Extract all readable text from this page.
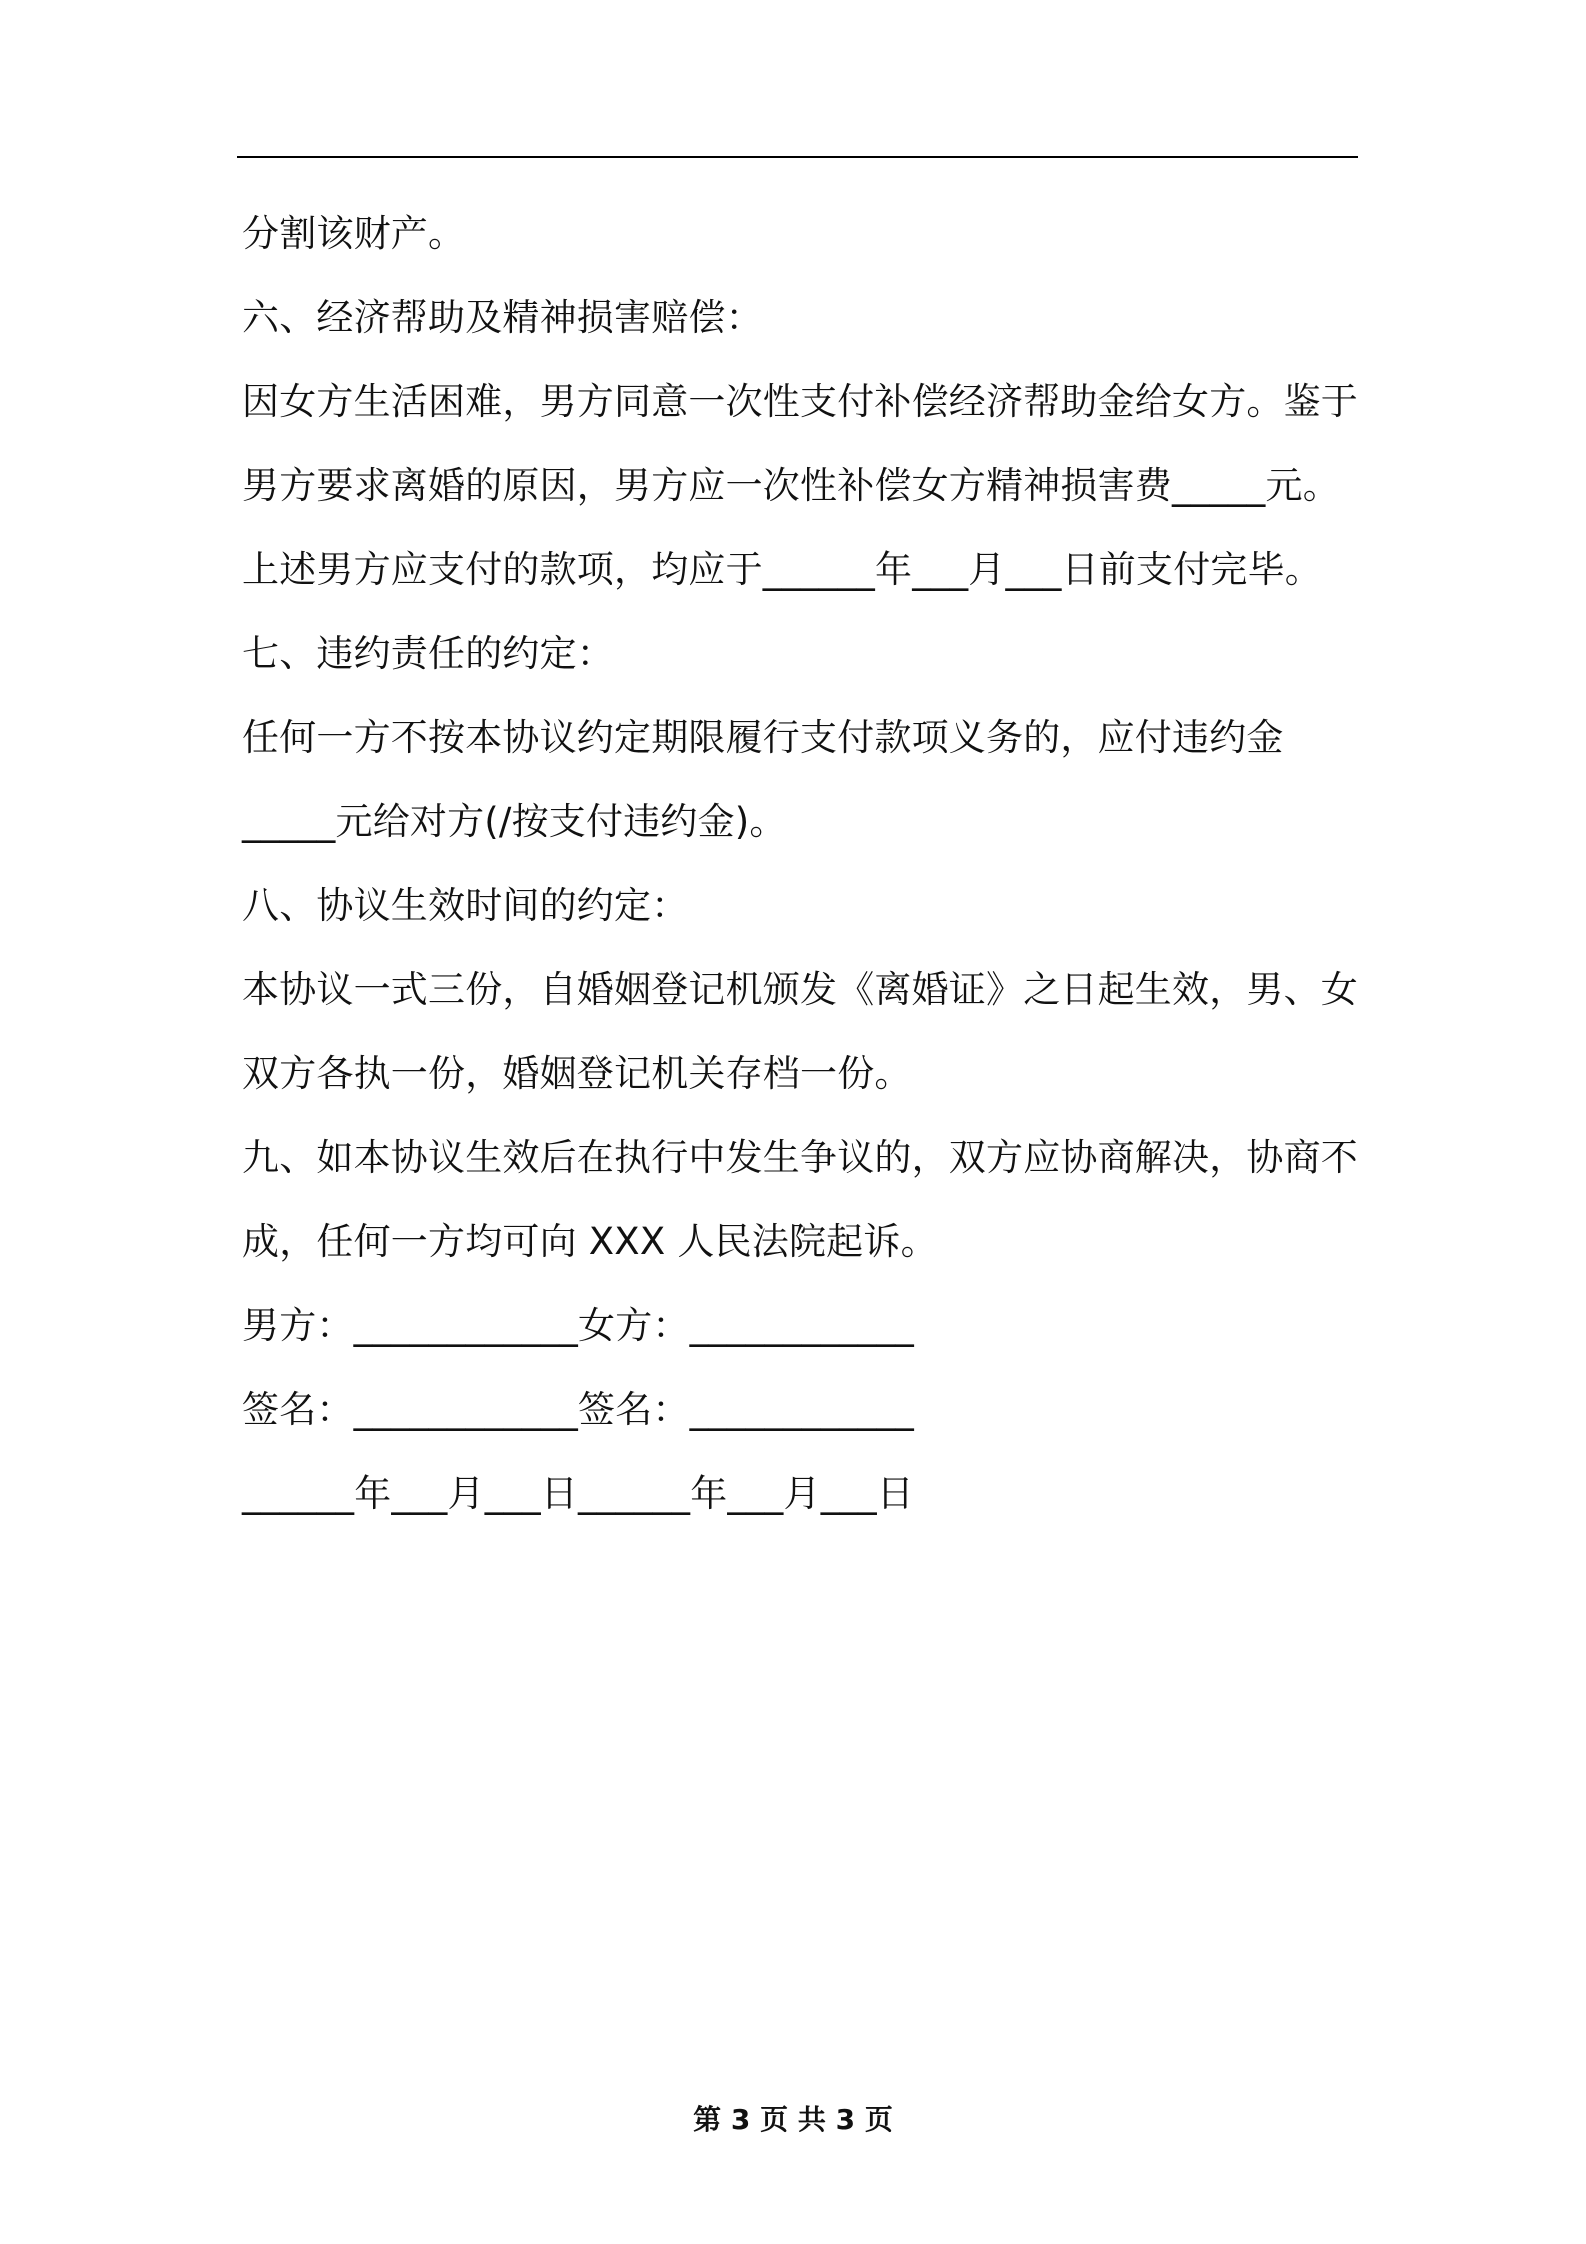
分割该财产。
六、经济帮助及精神损害赔偿：
因女方生活困难，男方同意一次性支付补偿经济帮助金给女方。鉴于
男方要求离婚的原因，男方应一次性补偿女方精神损害费_____元。
上述男方应支付的款项，均应于______年___月___日前支付完毕。
七、违约责任的约定：
任何一方不按本协议约定期限履行支付款项义务的，应付违约金
_____元给对方(/按支付违约金)。
八、协议生效时间的约定：
本协议一式三份，自婚姻登记机颁发《离婚证》之日起生效，男、女
双方各执一份，婚姻登记机关存档一份。
九、如本协议生效后在执行中发生争议的，双方应协商解决，协商不
成，任何一方均可向 XXX 人民法院起诉。
男方：____________女方：____________
签名：____________签名：____________
______年___月___日______年___月___日
第 3 页 共 3 页
